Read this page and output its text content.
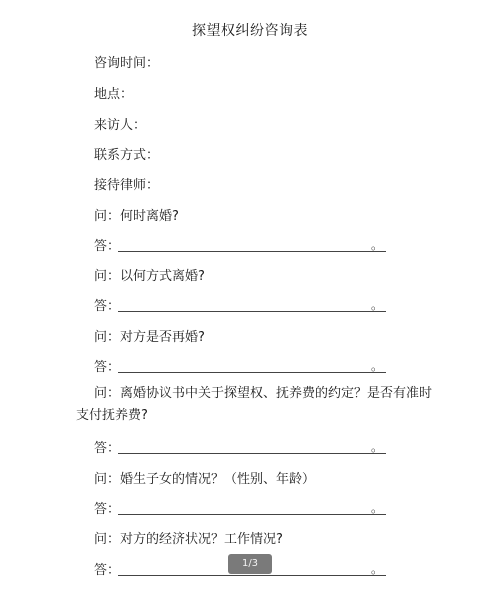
探望权纠纷咨询表
咨询时间：
地点：
来访人：
联系方式：
接待律师：
问：何时离婚?
答：	。
问：以何方式离婚?
答：	。
问：对方是否再婚?
答：	。
问：离婚协议书中关于探望权、抚养费的约定？是否有准时支付抚养费?
答：	。
问：婚生子女的情况？（性别、年龄）
答：	。
问：对方的经济状况？工作情况?
答：	。
1/3
